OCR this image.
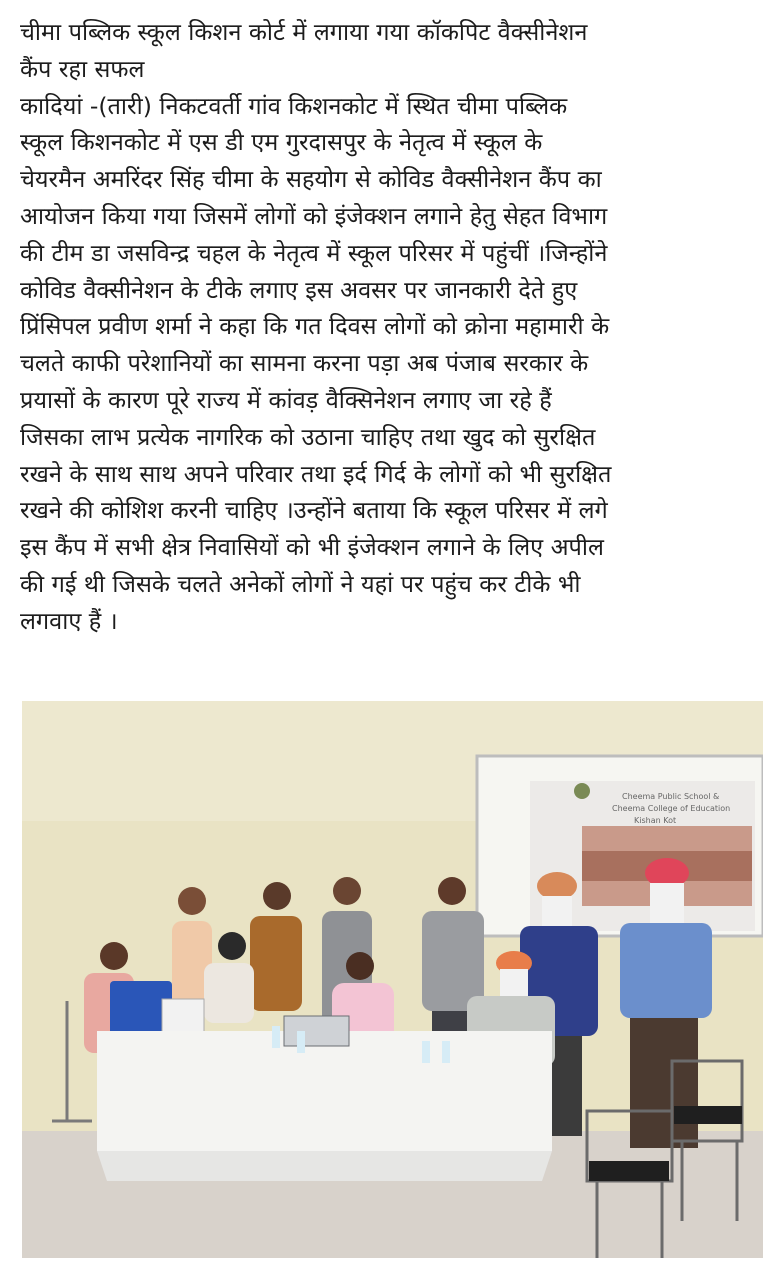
चीमा पब्लिक स्कूल किशन कोर्ट में लगाया गया कॉकपिट वैक्सीनेशन
कैंप रहा सफल
कादियां -(तारी) निकटवर्ती गांव किशनकोट में स्थित चीमा पब्लिक
स्कूल किशनकोट में एस डी एम गुरदासपुर के नेतृत्व में स्कूल के
चेयरमैन अमरिंदर सिंह चीमा के सहयोग से कोविड वैक्सीनेशन कैंप का
आयोजन किया गया जिसमें लोगों को इंजेक्शन लगाने हेतु सेहत विभाग
की टीम डा जसविन्द्र चहल के नेतृत्व में स्कूल परिसर में पहुंचीं ।जिन्होंने
कोविड वैक्सीनेशन के टीके लगाए इस अवसर पर जानकारी देते हुए
प्रिंसिपल प्रवीण शर्मा ने कहा कि गत दिवस लोगों को क्रोना महामारी के
चलते काफी परेशानियों का सामना करना पड़ा अब पंजाब सरकार के
प्रयासों के कारण पूरे राज्य में कांवड़ वैक्सिनेशन लगाए जा रहे हैं
जिसका लाभ प्रत्येक नागरिक को उठाना चाहिए तथा खुद को सुरक्षित
रखने के साथ साथ अपने परिवार तथा इर्द गिर्द के लोगों को भी सुरक्षित
रखने की कोशिश करनी चाहिए ।उन्होंने बताया कि स्कूल परिसर में लगे
इस कैंप में सभी क्षेत्र निवासियों को भी इंजेक्शन लगाने के लिए अपील
की गई थी जिसके चलते अनेकों लोगों ने यहां पर पहुंच कर टीके भी
लगवाए हैं ।
Cheema Public School &
Cheema College of Education
Kishan Kot
